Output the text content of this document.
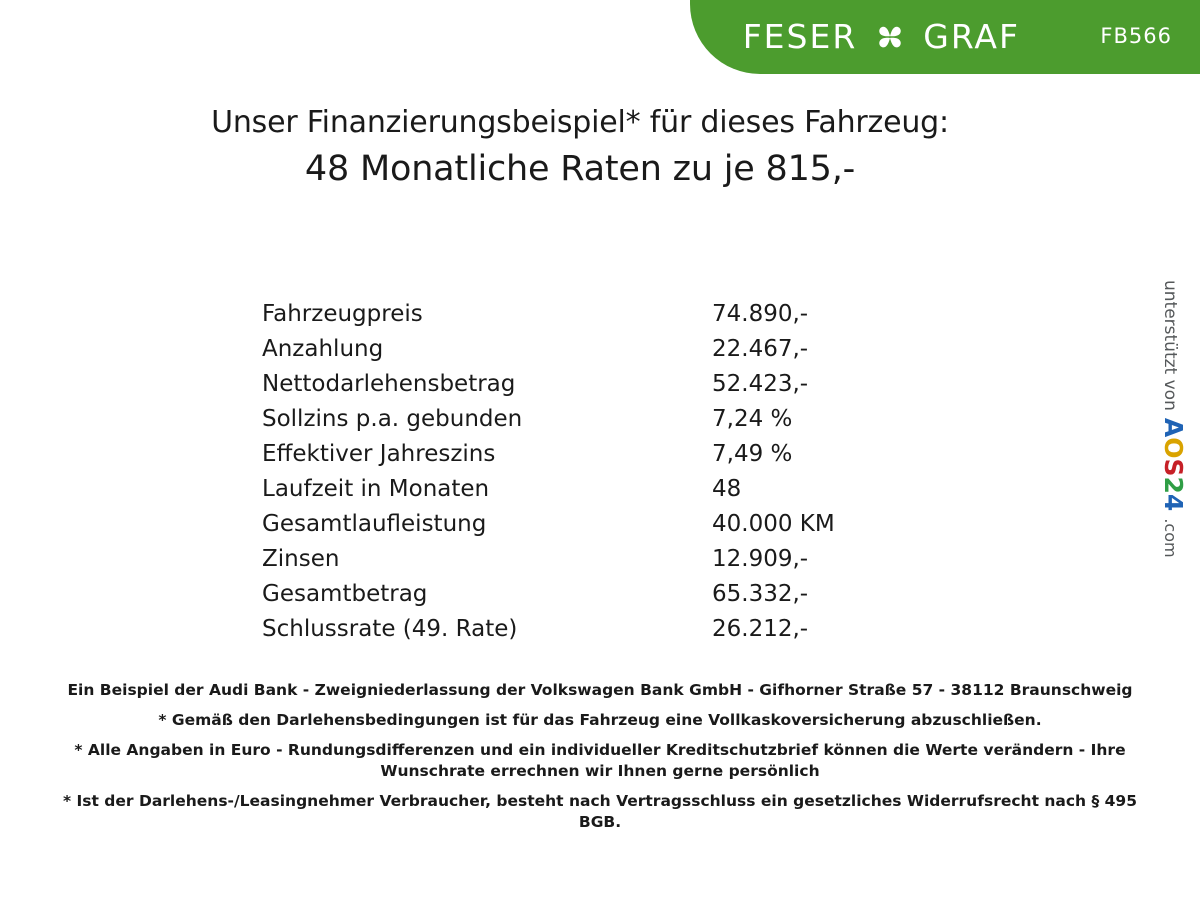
FESER GRAF	FB566
Unser Finanzierungsbeispiel* für dieses Fahrzeug:
48 Monatliche Raten zu je 815,-
Fahrzeugpreis	74.890,-
Anzahlung	22.467,-
Nettodarlehensbetrag	52.423,-
Sollzins p.a. gebunden	7,24 %
Effektiver Jahreszins	7,49 %
Laufzeit in Monaten	48
Gesamtlaufleistung	40.000 KM
Zinsen	12.909,-
Gesamtbetrag	65.332,-
Schlussrate (49. Rate)	26.212,-

Ein Beispiel der Audi Bank - Zweigniederlassung der Volkswagen Bank GmbH - Gifhorner Straße 57 - 38112 Braunschweig

* Gemäß den Darlehensbedingungen ist für das Fahrzeug eine Vollkaskoversicherung abzuschließen.

* Alle Angaben in Euro - Rundungsdifferenzen und ein individueller Kreditschutzbrief können die Werte verändern - Ihre Wunschrate errechnen wir Ihnen gerne persönlich

* Ist der Darlehens-/Leasingnehmer Verbraucher, besteht nach Vertragsschluss ein gesetzliches Widerrufsrecht nach § 495 BGB.

unterstützt von
AOS24
.com
